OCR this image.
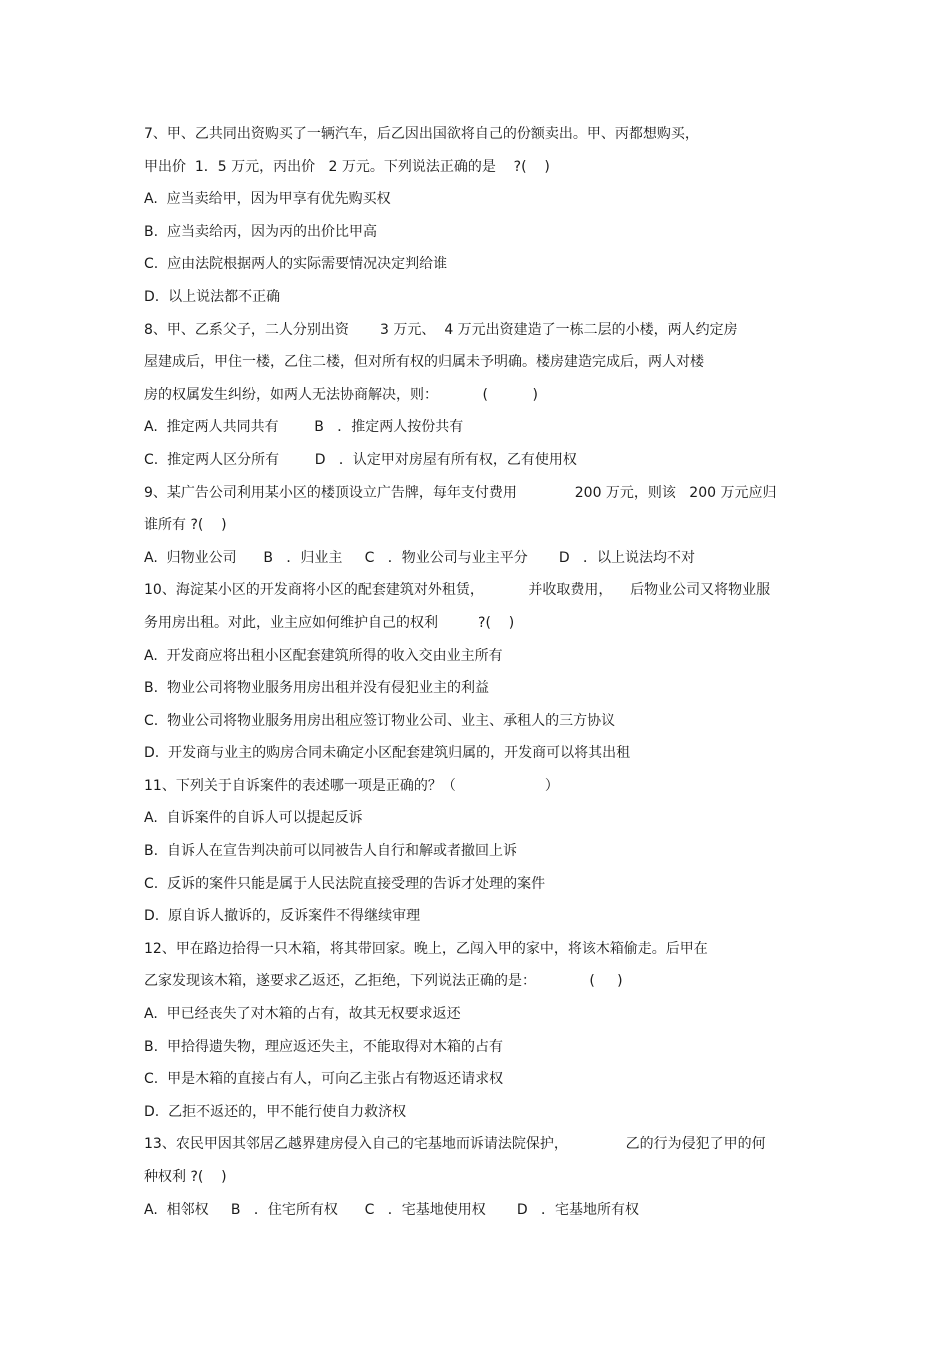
7、甲、乙共同出资购买了一辆汽车，后乙因出国欲将自己的份额卖出。甲、丙都想购买，
甲出价  1．5 万元，丙出价   2 万元。下列说法正确的是    ?(    )
A.  应当卖给甲，因为甲享有优先购买权
B.  应当卖给丙，因为丙的出价比甲高
C.  应由法院根据两人的实际需要情况决定判给谁
D.  以上说法都不正确
8、甲、乙系父子，二人分别出资       3 万元、  4 万元出资建造了一栋二层的小楼，两人约定房
屋建成后，甲住一楼，乙住二楼，但对所有权的归属未予明确。楼房建造完成后，两人对楼
房的权属发生纠纷，如两人无法协商解决，则：          (          )
A.  推定两人共同共有        B   ．推定两人按份共有
C.  推定两人区分所有        D   ．认定甲对房屋有所有权，乙有使用权
9、某广告公司利用某小区的楼顶设立广告牌，每年支付费用             200 万元，则该   200 万元应归
谁所有 ?(    )
A.  归物业公司      B   ．归业主     C   ．物业公司与业主平分       D   ．以上说法均不对
10、海淀某小区的开发商将小区的配套建筑对外租赁，          并收取费用，    后物业公司又将物业服
务用房出租。对此，业主应如何维护自己的权利         ?(    )
A.  开发商应将出租小区配套建筑所得的收入交由业主所有
B.  物业公司将物业服务用房出租并没有侵犯业主的利益
C.  物业公司将物业服务用房出租应签订物业公司、业主、承租人的三方协议
D.  开发商与业主的购房合同未确定小区配套建筑归属的，开发商可以将其出租
11、下列关于自诉案件的表述哪一项是正确的？（                    ）
A.  自诉案件的自诉人可以提起反诉
B.  自诉人在宣告判决前可以同被告人自行和解或者撤回上诉
C.  反诉的案件只能是属于人民法院直接受理的告诉才处理的案件
D.  原自诉人撤诉的，反诉案件不得继续审理
12、甲在路边拾得一只木箱，将其带回家。晚上，乙闯入甲的家中，将该木箱偷走。后甲在
乙家发现该木箱，遂要求乙返还，乙拒绝，下列说法正确的是：            (     )
A.  甲已经丧失了对木箱的占有，故其无权要求返还
B.  甲拾得遗失物，理应返还失主，不能取得对木箱的占有
C.  甲是木箱的直接占有人，可向乙主张占有物返还请求权
D.  乙拒不返还的，甲不能行使自力救济权
13、农民甲因其邻居乙越界建房侵入自己的宅基地而诉请法院保护，             乙的行为侵犯了甲的何
种权利 ?(    )
A.  相邻权     B   ．住宅所有权      C   ．宅基地使用权       D   ．宅基地所有权
